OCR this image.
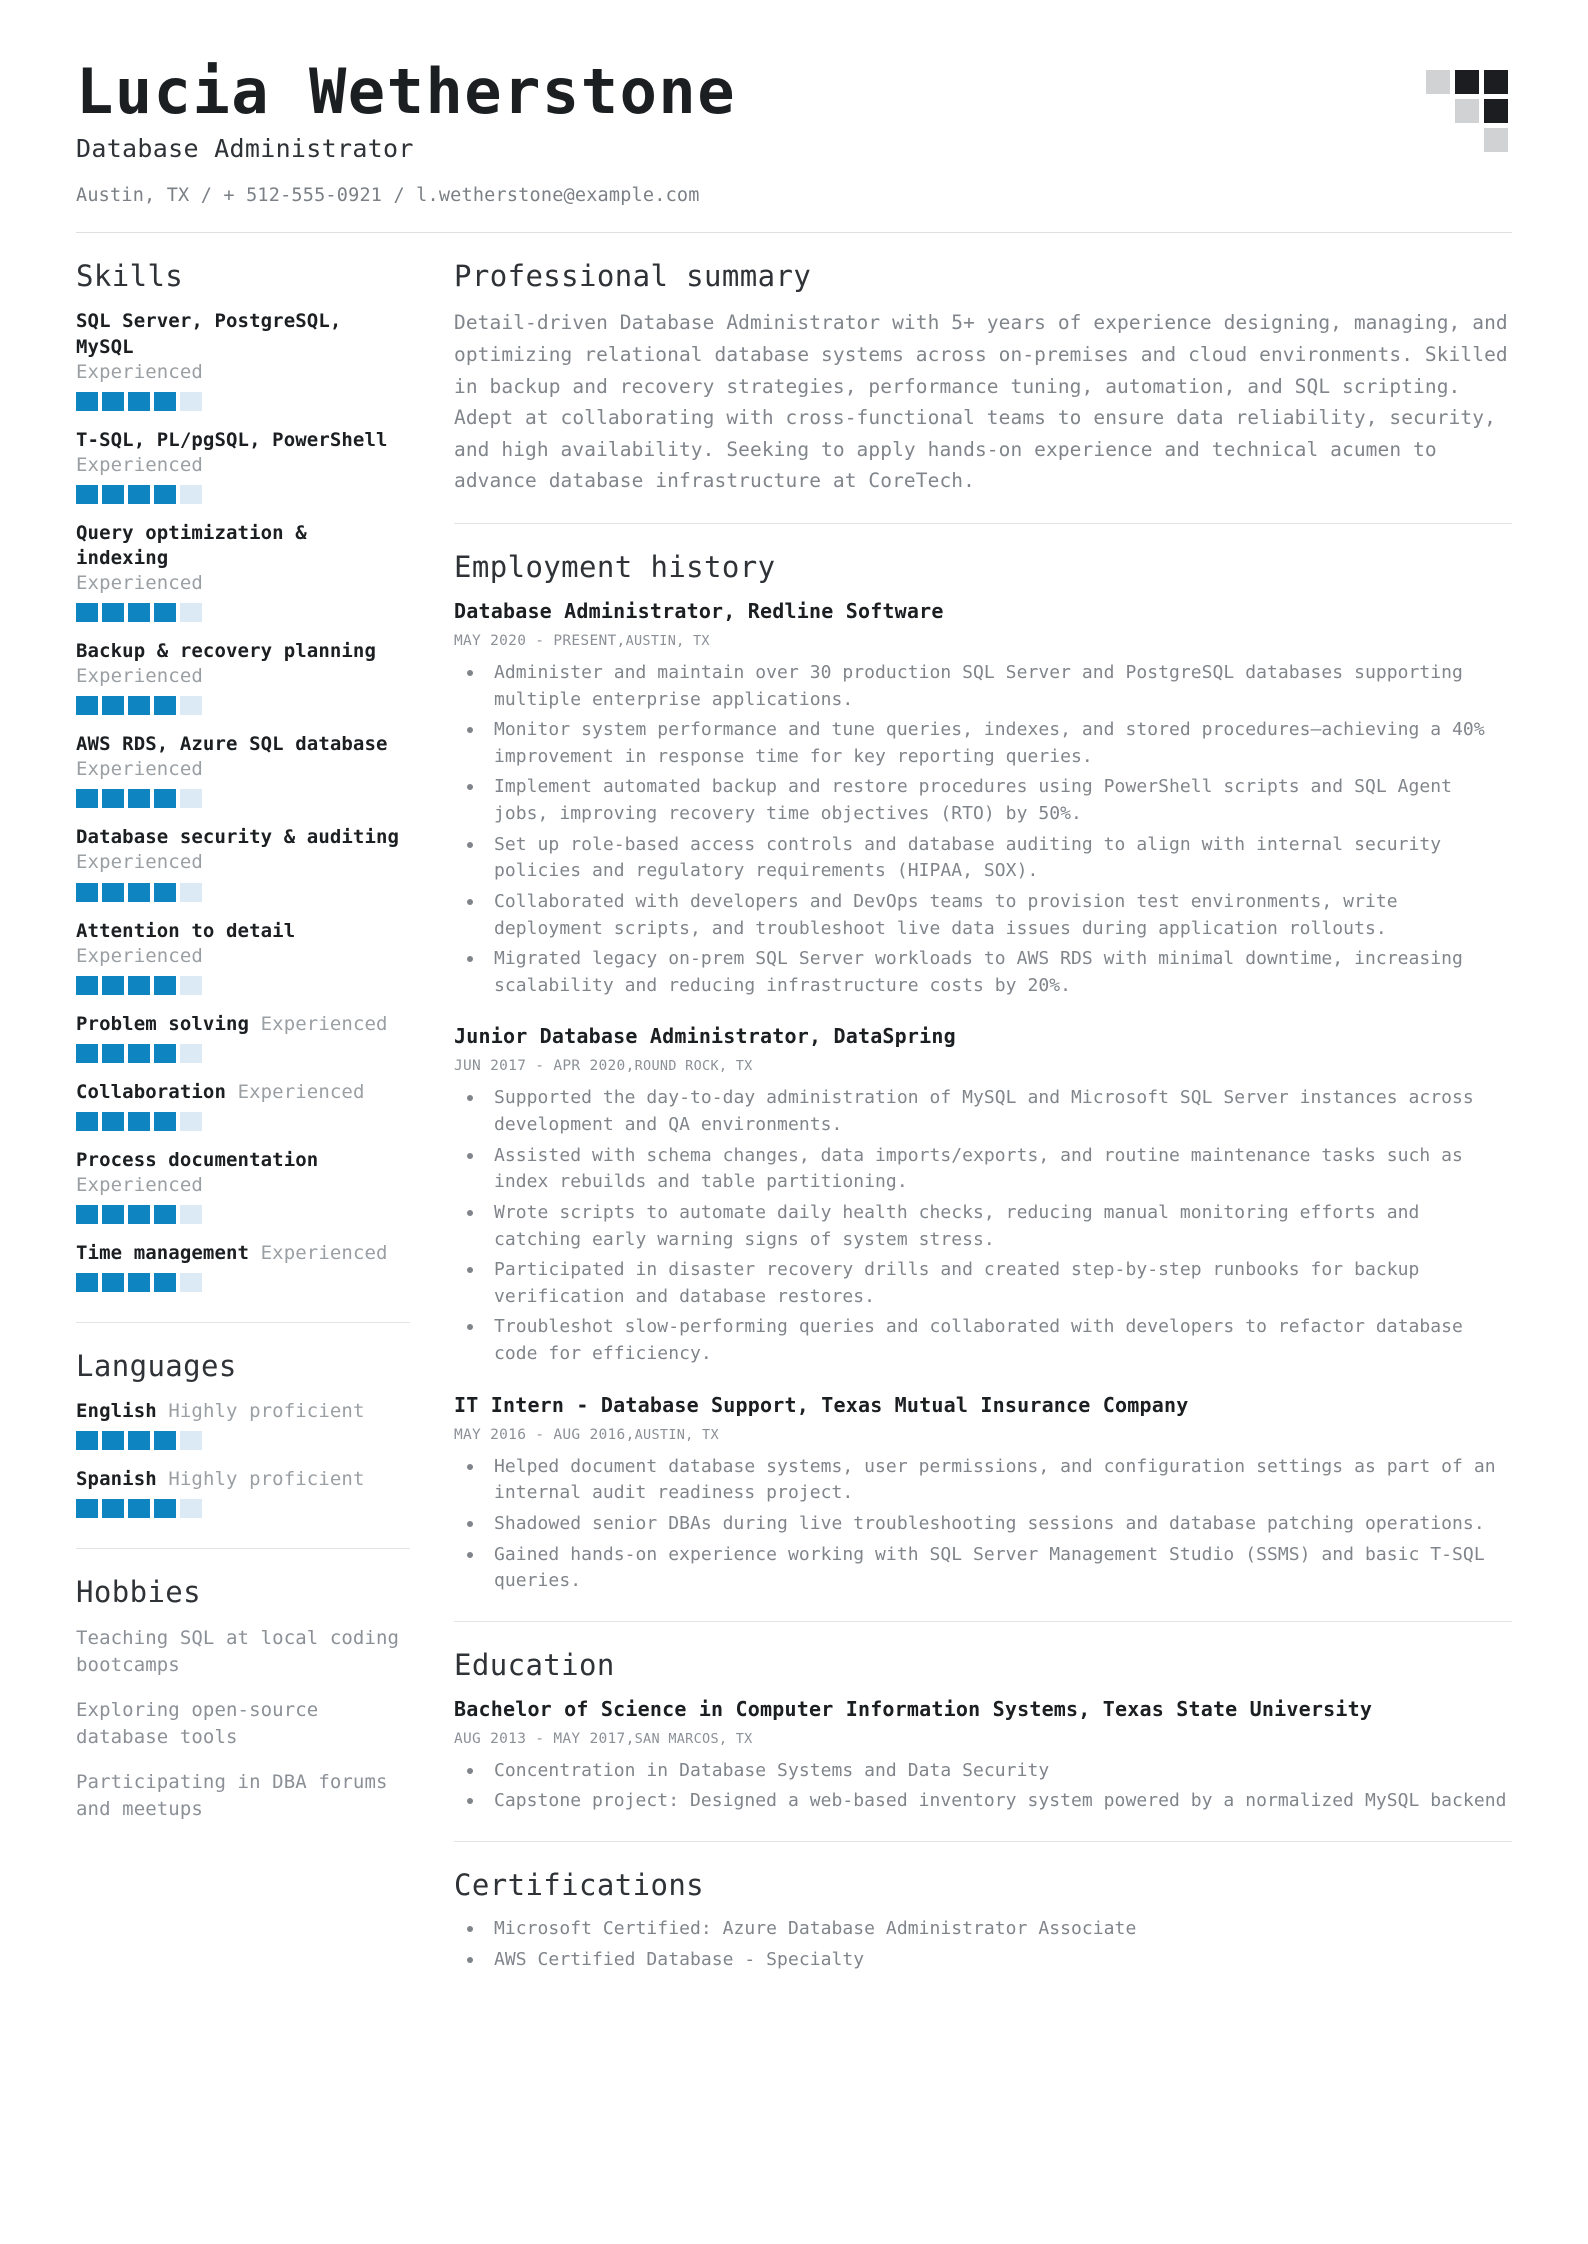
Lucia Wetherstone
Database Administrator
Austin, TX / + 512-555-0921 / l.wetherstone@example.com
Skills
SQL Server, PostgreSQL, MySQL
Experienced
T-SQL, PL/pgSQL, PowerShell
Experienced
Query optimization & indexing
Experienced
Backup & recovery planning
Experienced
AWS RDS, Azure SQL database
Experienced
Database security & auditing
Experienced
Attention to detail Experienced
Problem solving Experienced
Collaboration Experienced
Process documentation
Experienced
Time management Experienced
Languages
English Highly proficient
Spanish Highly proficient
Hobbies
Teaching SQL at local coding bootcamps
Exploring open-source database tools
Participating in DBA forums and meetups
Professional summary
Detail-driven Database Administrator with 5+ years of experience designing, managing, and optimizing relational database systems across on-premises and cloud environments. Skilled in backup and recovery strategies, performance tuning, automation, and SQL scripting. Adept at collaborating with cross-functional teams to ensure data reliability, security, and high availability. Seeking to apply hands-on experience and technical acumen to advance database infrastructure at CoreTech.
Employment history
Database Administrator, Redline Software
MAY 2020 - PRESENT,AUSTIN, TX
Administer and maintain over 30 production SQL Server and PostgreSQL databases supporting multiple enterprise applications.
Monitor system performance and tune queries, indexes, and stored procedures—achieving a 40% improvement in response time for key reporting queries.
Implement automated backup and restore procedures using PowerShell scripts and SQL Agent jobs, improving recovery time objectives (RTO) by 50%.
Set up role-based access controls and database auditing to align with internal security policies and regulatory requirements (HIPAA, SOX).
Collaborated with developers and DevOps teams to provision test environments, write deployment scripts, and troubleshoot live data issues during application rollouts.
Migrated legacy on-prem SQL Server workloads to AWS RDS with minimal downtime, increasing scalability and reducing infrastructure costs by 20%.
Junior Database Administrator, DataSpring
JUN 2017 - APR 2020,ROUND ROCK, TX
Supported the day-to-day administration of MySQL and Microsoft SQL Server instances across development and QA environments.
Assisted with schema changes, data imports/exports, and routine maintenance tasks such as index rebuilds and table partitioning.
Wrote scripts to automate daily health checks, reducing manual monitoring efforts and catching early warning signs of system stress.
Participated in disaster recovery drills and created step-by-step runbooks for backup verification and database restores.
Troubleshot slow-performing queries and collaborated with developers to refactor database code for efficiency.
IT Intern - Database Support, Texas Mutual Insurance Company
MAY 2016 - AUG 2016,AUSTIN, TX
Helped document database systems, user permissions, and configuration settings as part of an internal audit readiness project.
Shadowed senior DBAs during live troubleshooting sessions and database patching operations.
Gained hands-on experience working with SQL Server Management Studio (SSMS) and basic T-SQL queries.
Education
Bachelor of Science in Computer Information Systems, Texas State University
AUG 2013 - MAY 2017,SAN MARCOS, TX
Concentration in Database Systems and Data Security
Capstone project: Designed a web-based inventory system powered by a normalized MySQL backend
Certifications
Microsoft Certified: Azure Database Administrator Associate
AWS Certified Database - Specialty
